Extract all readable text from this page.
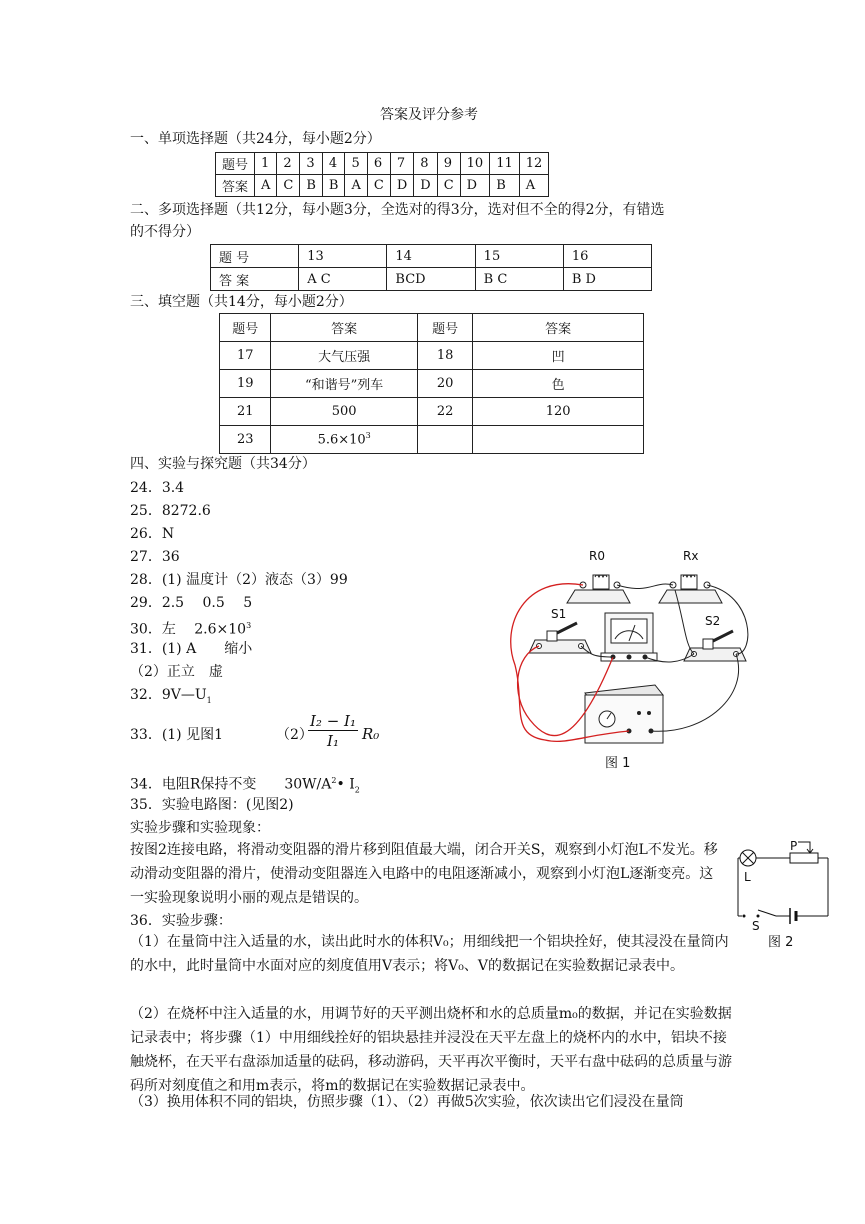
答案及评分参考
一、单项选择题（共24分，每小题2分）
题号	1	2	3	4	5	6	7	8	9	10	11	12
答案	A	C	B	B	A	C	D	D	C	D	B	A
二、多项选择题（共12分，每小题3分，全选对的得3分，选对但不全的得2分，有错选
的不得分）
题 号	13	14	15	16
答 案	A C	BCD	B C	B D
三、填空题（共14分，每小题2分）
题号	答案	题号	答案
17	大气压强	18	凹
19	“和谐号”列车	20	色
21	500	22	120
23	$5.6\times 10^3$		
四、实验与探究题（共34分）
24．3.4
25．8272.6
26．N
27．36
28．(1) 温度计（2）液态（3）99
29．2.5　 0.5　 5
30．左　 $2.6\times 10^3$
31．(1) A　　缩小
（2）正立　虚
32．$9V—U_1$
33．(1) 见图1	（2）
$\frac{\text{I₂ − I₁}}{\text{I₁}} R_0$
34．电阻R保持不变　　$30W/A^2•$ $I_2$
35．实验电路图：(见图2)
实验步骤和实验现象：
按图2连接电路，将滑动变阻器的滑片移到阻值最大端，闭合开关S，观察到小灯泡L不发光。移动滑动变阻器的滑片，使滑动变阻器连入电路中的电阻逐渐减小，观察到小灯泡L逐渐变亮。这一实验现象说明小丽的观点是错误的。
36．实验步骤：
（1）在量筒中注入适量的水，读出此时水的体积V₀；用细线把一个铝块拴好，使其浸没在量筒内的水中，此时量筒中水面对应的刻度值用V表示；将V₀、V的数据记在实验数据记录表中。
（2）在烧杯中注入适量的水，用调节好的天平测出烧杯和水的总质量m₀的数据，并记在实验数据记录表中；将步骤（1）中用细线拴好的铝块悬挂并浸没在天平左盘上的烧杯内的水中，铝块不接触烧杯，在天平右盘添加适量的砝码，移动游码，天平再次平衡时，天平右盘中砝码的总质量与游码所对刻度值之和用m表示，将m的数据记在实验数据记录表中。
（3）换用体积不同的铝块，仿照步骤（1）、（2）再做5次实验，依次读出它们浸没在量筒
R0	Rx
S1	S2
图 1
P
L
S
图 2
